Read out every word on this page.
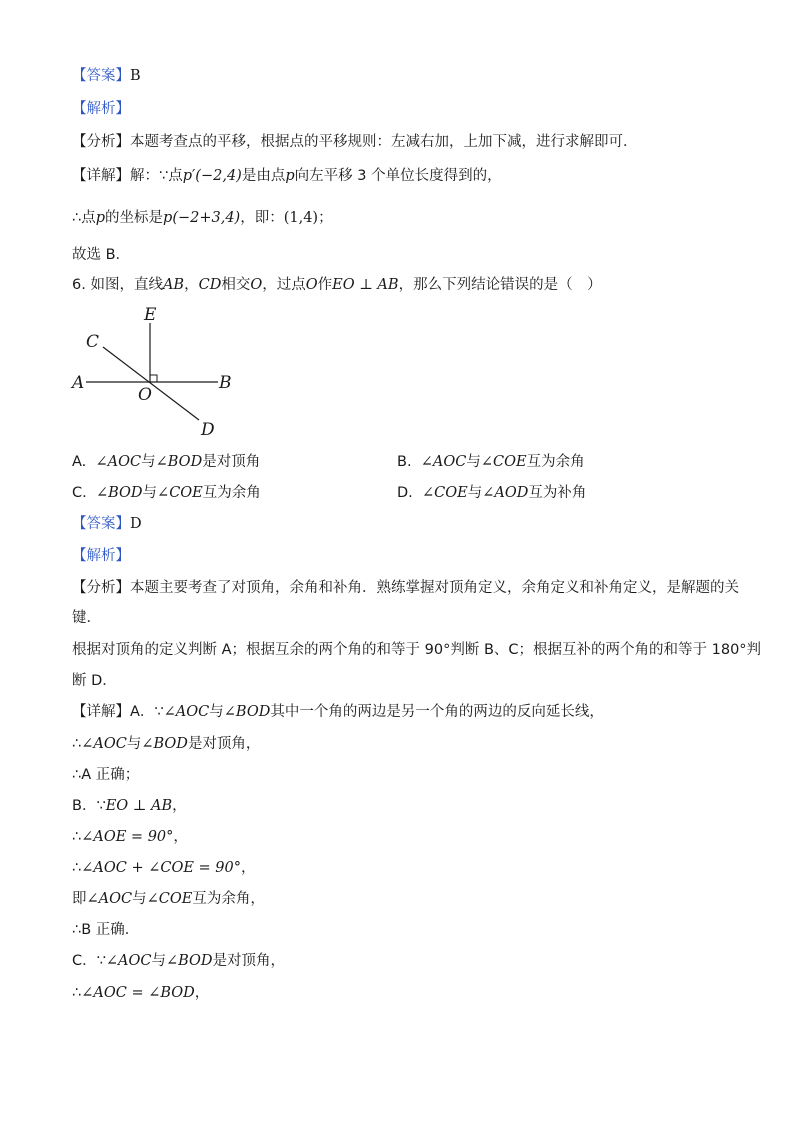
【答案】B
【解析】
【分析】本题考查点的平移，根据点的平移规则：左减右加，上加下减，进行求解即可．
【详解】解：∵点p′(−2,4)是由点p向左平移 3 个单位长度得到的，
∴点p的坐标是p(−2+3,4)，即：(1,4)；
故选 B．
6. 如图，直线AB，CD相交O，过点O作EO ⊥ AB，那么下列结论错误的是（　）
E
C
A
O
B
D
A. ∠AOC与∠BOD是对顶角	B. ∠AOC与∠COE互为余角
C. ∠BOD与∠COE互为余角	D. ∠COE与∠AOD互为补角
【答案】D
【解析】
【分析】本题主要考查了对顶角，余角和补角．熟练掌握对顶角定义，余角定义和补角定义，是解题的关
键．
根据对顶角的定义判断 A；根据互余的两个角的和等于 90°判断 B、C；根据互补的两个角的和等于 180°判
断 D．
【详解】A．∵∠AOC与∠BOD其中一个角的两边是另一个角的两边的反向延长线，
∴∠AOC与∠BOD是对顶角，
∴A 正确；
B．∵EO ⊥ AB，
∴∠AOE = 90°，
∴∠AOC + ∠COE = 90°，
即∠AOC与∠COE互为余角，
∴B 正确．
C．∵∠AOC与∠BOD是对顶角，
∴∠AOC = ∠BOD，
